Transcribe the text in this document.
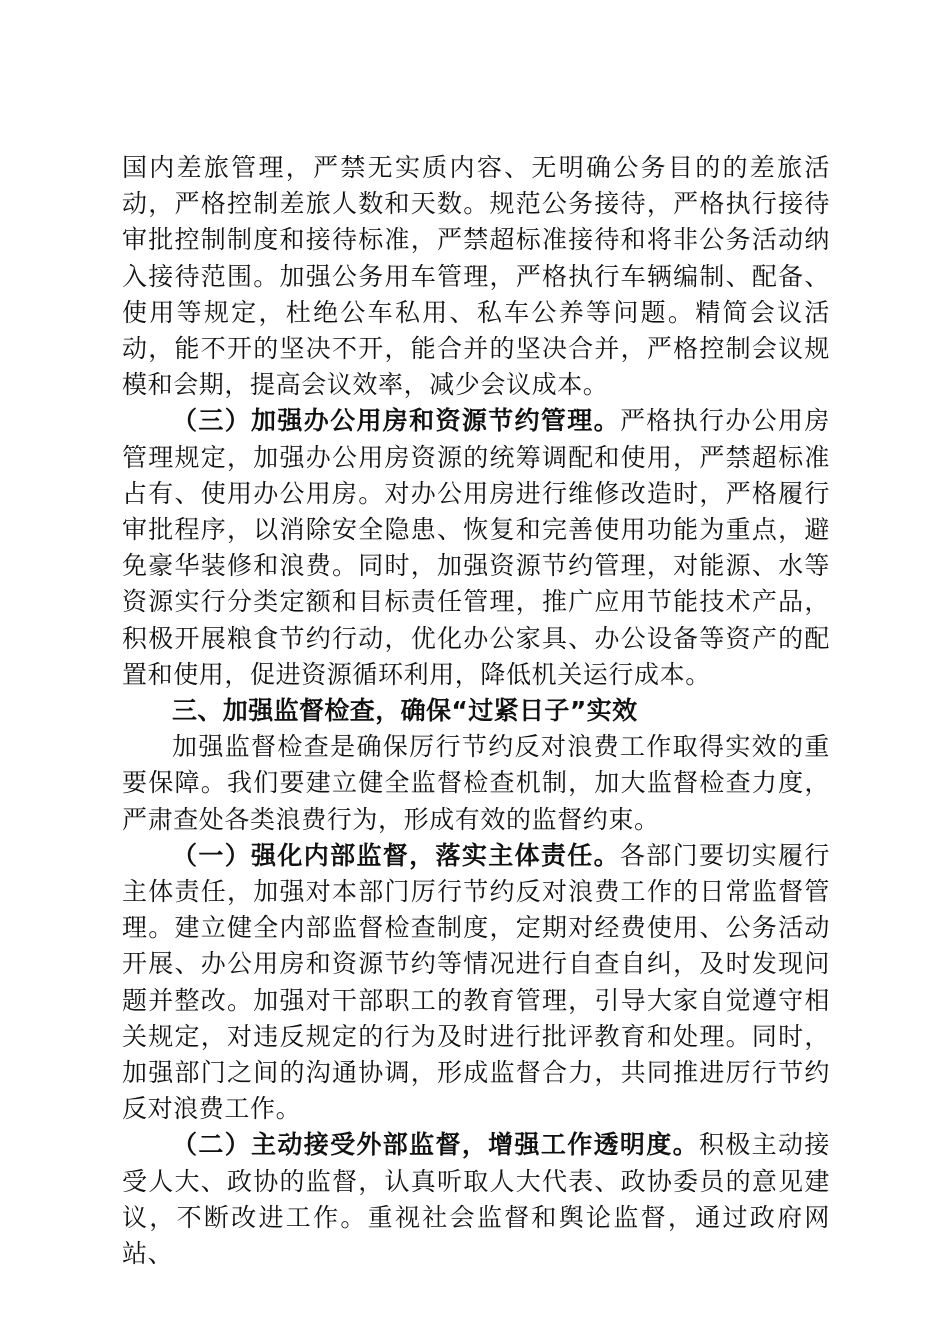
国内差旅管理，严禁无实质内容、无明确公务目的的差旅活动，严格控制差旅人数和天数。规范公务接待，严格执行接待审批控制制度和接待标准，严禁超标准接待和将非公务活动纳入接待范围。加强公务用车管理，严格执行车辆编制、配备、使用等规定，杜绝公车私用、私车公养等问题。精简会议活动，能不开的坚决不开，能合并的坚决合并，严格控制会议规模和会期，提高会议效率，减少会议成本。

（三）加强办公用房和资源节约管理。严格执行办公用房管理规定，加强办公用房资源的统筹调配和使用，严禁超标准占有、使用办公用房。对办公用房进行维修改造时，严格履行审批程序，以消除安全隐患、恢复和完善使用功能为重点，避免豪华装修和浪费。同时，加强资源节约管理，对能源、水等资源实行分类定额和目标责任管理，推广应用节能技术产品，积极开展粮食节约行动，优化办公家具、办公设备等资产的配置和使用，促进资源循环利用，降低机关运行成本。

三、加强监督检查，确保“过紧日子”实效

加强监督检查是确保厉行节约反对浪费工作取得实效的重要保障。我们要建立健全监督检查机制，加大监督检查力度，严肃查处各类浪费行为，形成有效的监督约束。

（一）强化内部监督，落实主体责任。各部门要切实履行主体责任，加强对本部门厉行节约反对浪费工作的日常监督管理。建立健全内部监督检查制度，定期对经费使用、公务活动开展、办公用房和资源节约等情况进行自查自纠，及时发现问题并整改。加强对干部职工的教育管理，引导大家自觉遵守相关规定，对违反规定的行为及时进行批评教育和处理。同时，加强部门之间的沟通协调，形成监督合力，共同推进厉行节约反对浪费工作。

（二）主动接受外部监督，增强工作透明度。积极主动接受人大、政协的监督，认真听取人大代表、政协委员的意见建议，不断改进工作。重视社会监督和舆论监督，通过政府网站、
